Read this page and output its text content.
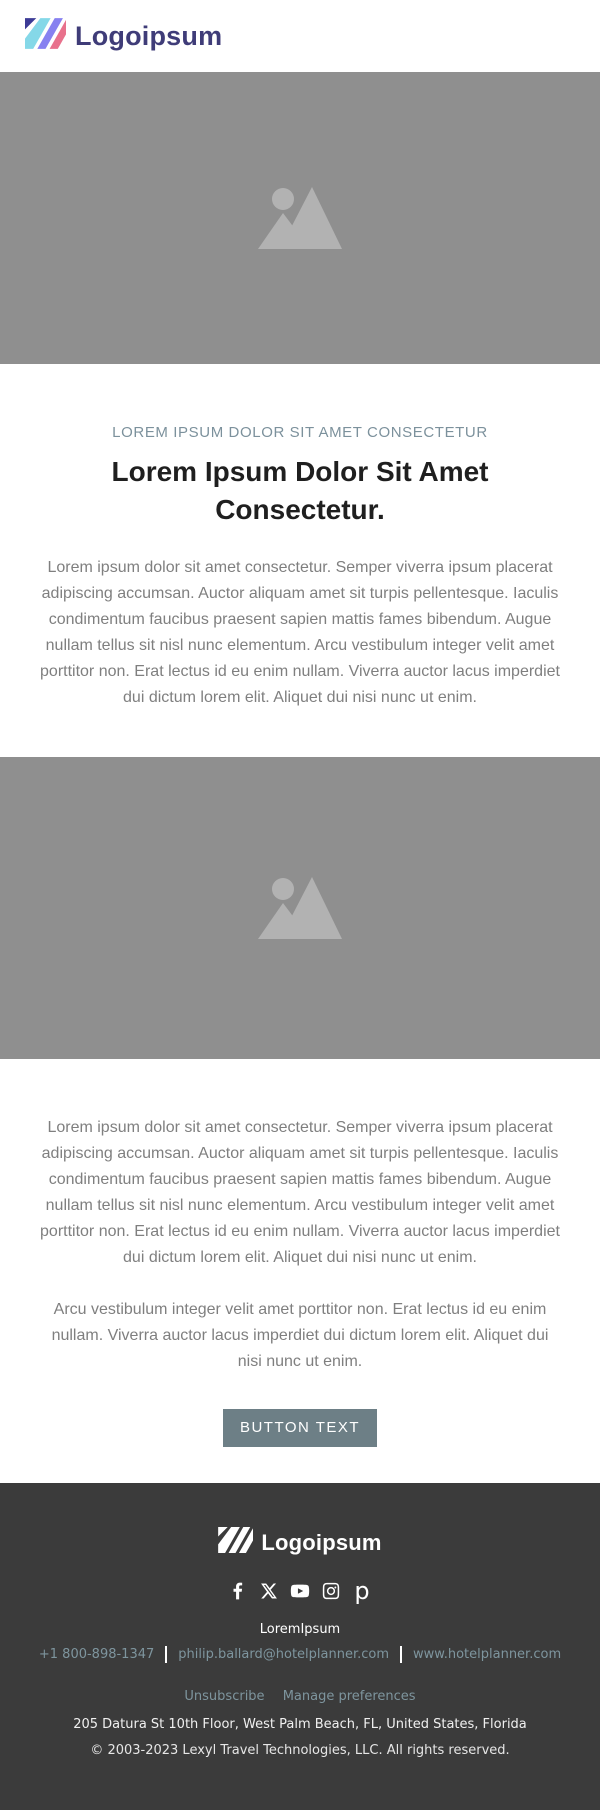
Logoipsum
LOREM IPSUM DOLOR SIT AMET CONSECTETUR
Lorem Ipsum Dolor Sit Amet Consectetur.

Lorem ipsum dolor sit amet consectetur. Semper viverra ipsum placerat adipiscing accumsan. Auctor aliquam amet sit turpis pellentesque. Iaculis condimentum faucibus praesent sapien mattis fames bibendum. Augue nullam tellus sit nisl nunc elementum. Arcu vestibulum integer velit amet porttitor non. Erat lectus id eu enim nullam. Viverra auctor lacus imperdiet dui dictum lorem elit. Aliquet dui nisi nunc ut enim.

Lorem ipsum dolor sit amet consectetur. Semper viverra ipsum placerat adipiscing accumsan. Auctor aliquam amet sit turpis pellentesque. Iaculis condimentum faucibus praesent sapien mattis fames bibendum. Augue nullam tellus sit nisl nunc elementum. Arcu vestibulum integer velit amet porttitor non. Erat lectus id eu enim nullam. Viverra auctor lacus imperdiet dui dictum lorem elit. Aliquet dui nisi nunc ut enim.

Arcu vestibulum integer velit amet porttitor non. Erat lectus id eu enim nullam. Viverra auctor lacus imperdiet dui dictum lorem elit. Aliquet dui nisi nunc ut enim.

BUTTON TEXT
Logoipsum
p
LoremIpsum
+1 800-898-1347 philip.ballard@hotelplanner.com www.hotelplanner.com
Unsubscribe Manage preferences
205 Datura St 10th Floor, West Palm Beach, FL, United States, Florida
© 2003-2023 Lexyl Travel Technologies, LLC. All rights reserved.
